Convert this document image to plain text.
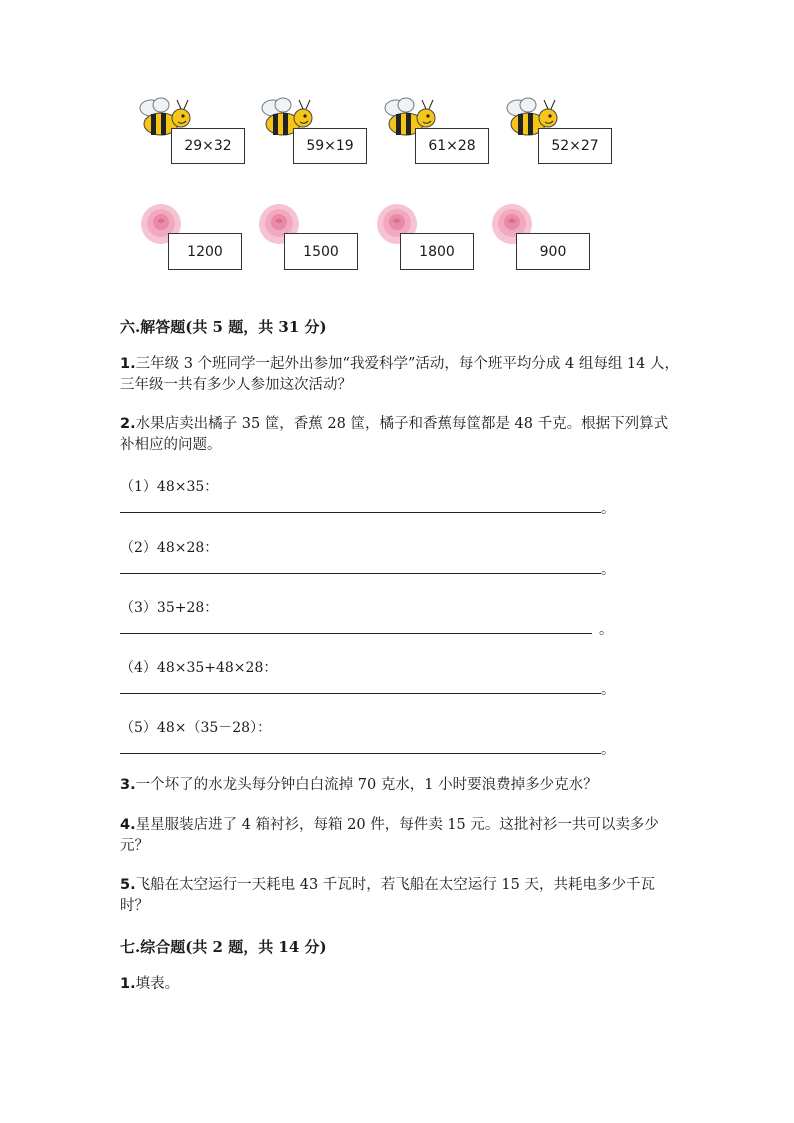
29×32	59×19	61×28	52×27
1200	1500	1800	900
六.解答题(共 5 题，共 31 分)
1.三年级 3 个班同学一起外出参加“我爱科学”活动，每个班平均分成 4 组每组 14 人，三年级一共有多少人参加这次活动？
2.水果店卖出橘子 35 筐，香蕉 28 筐，橘子和香蕉每筐都是 48 千克。根据下列算式补相应的问题。
（1）48×35：
。
（2）48×28：
。
（3）35+28：
。
（4）48×35+48×28：
。
（5）48×（35－28）：
。
3.一个坏了的水龙头每分钟白白流掉 70 克水，1 小时要浪费掉多少克水？
4.星星服装店进了 4 箱衬衫，每箱 20 件，每件卖 15 元。这批衬衫一共可以卖多少元？
5.飞船在太空运行一天耗电 43 千瓦时，若飞船在太空运行 15 天，共耗电多少千瓦时？
七.综合题(共 2 题，共 14 分)
1.填表。
